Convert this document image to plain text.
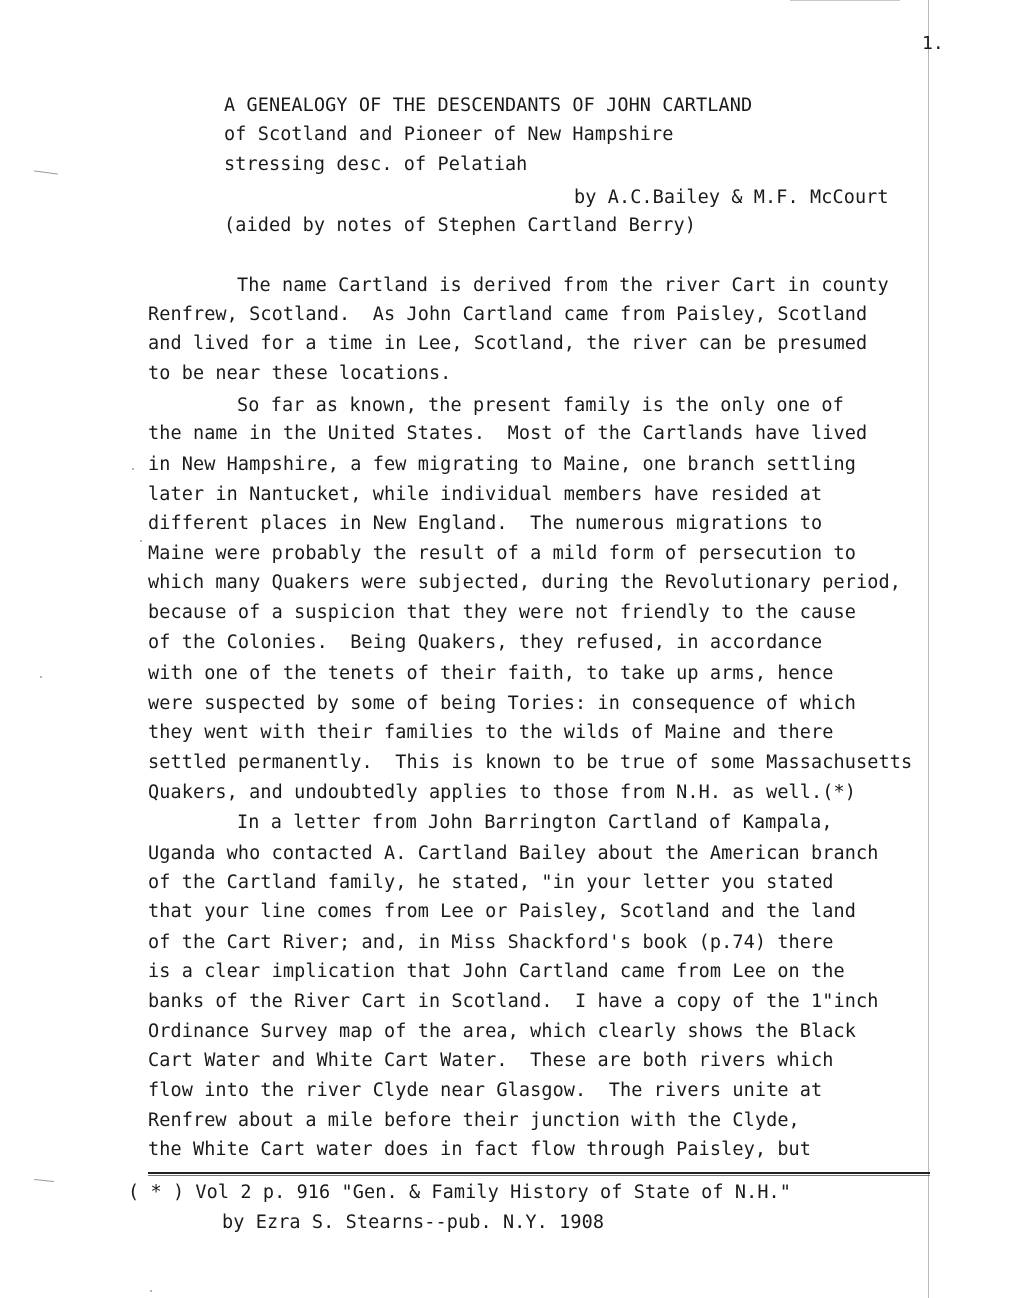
1.
A GENEALOGY OF THE DESCENDANTS OF JOHN CARTLAND
of Scotland and Pioneer of New Hampshire
stressing desc. of Pelatiah
by A.C.Bailey & M.F. McCourt
(aided by notes of Stephen Cartland Berry)
The name Cartland is derived from the river Cart in county
Renfrew, Scotland.  As John Cartland came from Paisley, Scotland
and lived for a time in Lee, Scotland, the river can be presumed
to be near these locations.
So far as known, the present family is the only one of
the name in the United States.  Most of the Cartlands have lived
in New Hampshire, a few migrating to Maine, one branch settling
later in Nantucket, while individual members have resided at
different places in New England.  The numerous migrations to
Maine were probably the result of a mild form of persecution to
which many Quakers were subjected, during the Revolutionary period,
because of a suspicion that they were not friendly to the cause
of the Colonies.  Being Quakers, they refused, in accordance
with one of the tenets of their faith, to take up arms, hence
were suspected by some of being Tories: in consequence of which
they went with their families to the wilds of Maine and there
settled permanently.  This is known to be true of some Massachusetts
Quakers, and undoubtedly applies to those from N.H. as well.(*)
In a letter from John Barrington Cartland of Kampala,
Uganda who contacted A. Cartland Bailey about the American branch
of the Cartland family, he stated, "in your letter you stated
that your line comes from Lee or Paisley, Scotland and the land
of the Cart River; and, in Miss Shackford's book (p.74) there
is a clear implication that John Cartland came from Lee on the
banks of the River Cart in Scotland.  I have a copy of the 1"inch
Ordinance Survey map of the area, which clearly shows the Black
Cart Water and White Cart Water.  These are both rivers which
flow into the river Clyde near Glasgow.  The rivers unite at
Renfrew about a mile before their junction with the Clyde,
the White Cart water does in fact flow through Paisley, but
( * ) Vol 2 p. 916 "Gen. & Family History of State of N.H."
by Ezra S. Stearns--pub. N.Y. 1908
